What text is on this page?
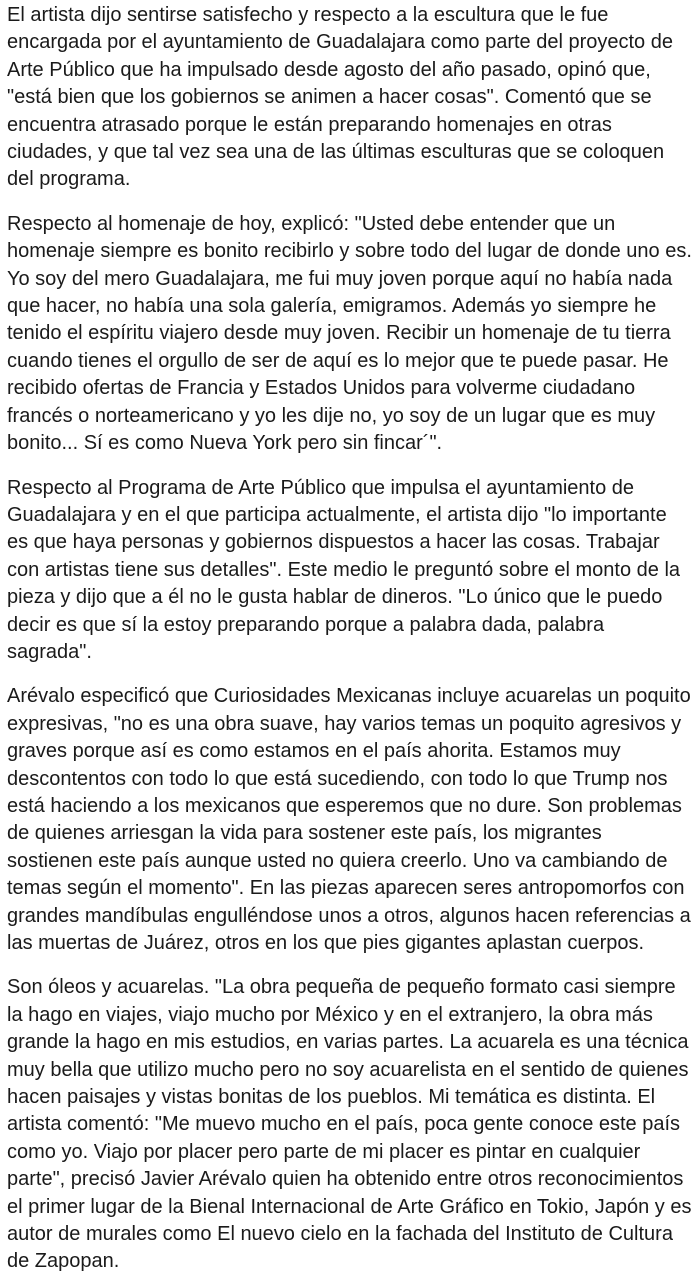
El artista dijo sentirse satisfecho y respecto a la escultura que le fue encargada por el ayuntamiento de Guadalajara como parte del proyecto de Arte Público que ha impulsado desde agosto del año pasado, opinó que, "está bien que los gobiernos se animen a hacer cosas". Comentó que se encuentra atrasado porque le están preparando homenajes en otras ciudades, y que tal vez sea una de las últimas esculturas que se coloquen del programa.

Respecto al homenaje de hoy, explicó: "Usted debe entender que un homenaje siempre es bonito recibirlo y sobre todo del lugar de donde uno es. Yo soy del mero Guadalajara, me fui muy joven porque aquí no había nada que hacer, no había una sola galería, emigramos. Además yo siempre he tenido el espíritu viajero desde muy joven. Recibir un homenaje de tu tierra cuando tienes el orgullo de ser de aquí es lo mejor que te puede pasar. He recibido ofertas de Francia y Estados Unidos para volverme ciudadano francés o norteamericano y yo les dije no, yo soy de un lugar que es muy bonito... Sí es como Nueva York pero sin fincar´".

Respecto al Programa de Arte Público que impulsa el ayuntamiento de Guadalajara y en el que participa actualmente, el artista dijo "lo importante es que haya personas y gobiernos dispuestos a hacer las cosas. Trabajar con artistas tiene sus detalles". Este medio le preguntó sobre el monto de la pieza y dijo que a él no le gusta hablar de dineros. "Lo único que le puedo decir es que sí la estoy preparando porque a palabra dada, palabra sagrada".

Arévalo especificó que Curiosidades Mexicanas incluye acuarelas un poquito expresivas, "no es una obra suave, hay varios temas un poquito agresivos y graves porque así es como estamos en el país ahorita. Estamos muy descontentos con todo lo que está sucediendo, con todo lo que Trump nos está haciendo a los mexicanos que esperemos que no dure. Son problemas de quienes arriesgan la vida para sostener este país, los migrantes sostienen este país aunque usted no quiera creerlo. Uno va cambiando de temas según el momento". En las piezas aparecen seres antropomorfos con grandes mandíbulas engulléndose unos a otros, algunos hacen referencias a las muertas de Juárez, otros en los que pies gigantes aplastan cuerpos.

Son óleos y acuarelas. "La obra pequeña de pequeño formato casi siempre la hago en viajes, viajo mucho por México y en el extranjero, la obra más grande la hago en mis estudios, en varias partes. La acuarela es una técnica muy bella que utilizo mucho pero no soy acuarelista en el sentido de quienes hacen paisajes y vistas bonitas de los pueblos. Mi temática es distinta. El artista comentó: "Me muevo mucho en el país, poca gente conoce este país como yo. Viajo por placer pero parte de mi placer es pintar en cualquier parte", precisó Javier Arévalo quien ha obtenido entre otros reconocimientos el primer lugar de la Bienal Internacional de Arte Gráfico en Tokio, Japón y es autor de murales como El nuevo cielo en la fachada del Instituto de Cultura de Zapopan.
